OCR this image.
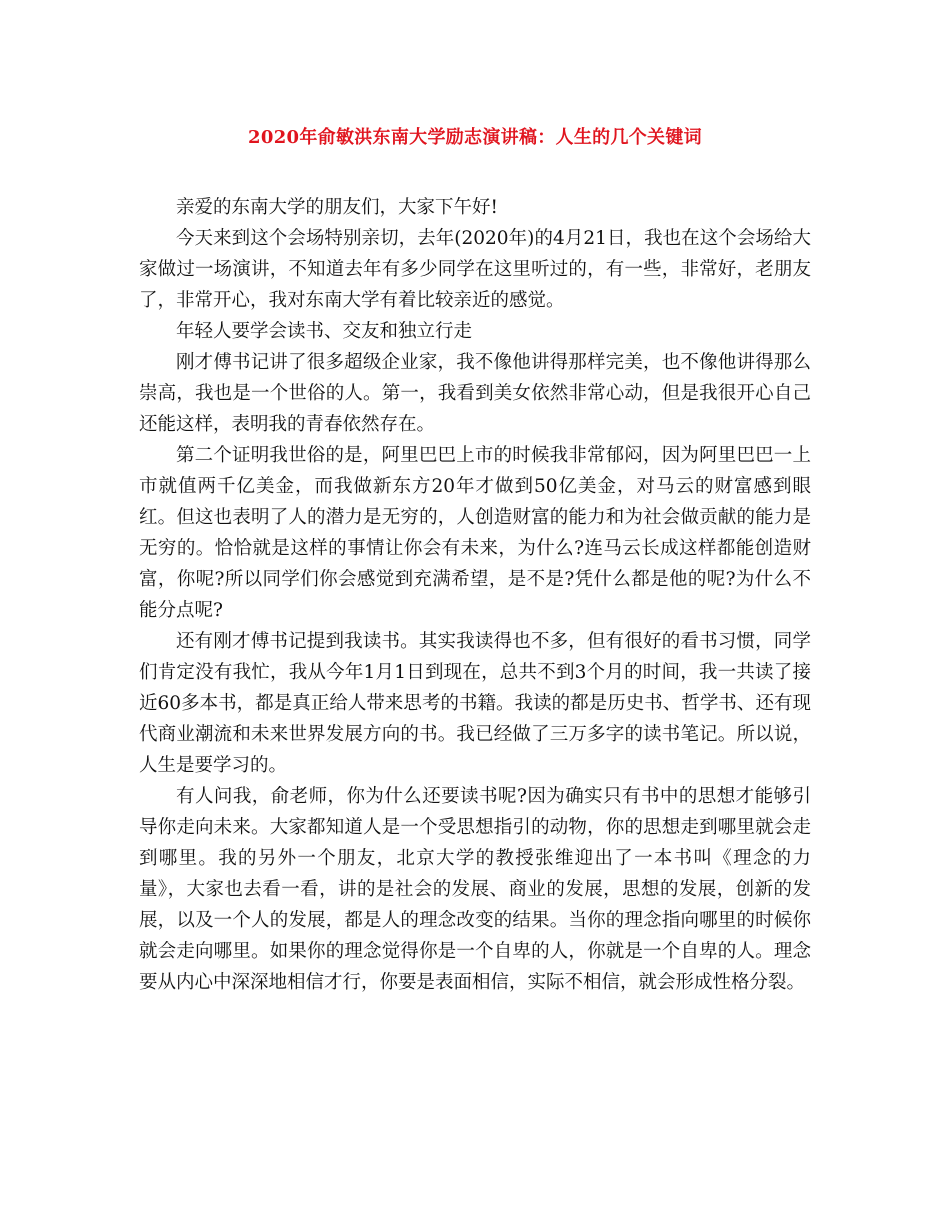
2020年俞敏洪东南大学励志演讲稿：人生的几个关键词

亲爱的东南大学的朋友们，大家下午好!

今天来到这个会场特别亲切，去年(2020年)的4月21日，我也在这个会场给大家做过一场演讲，不知道去年有多少同学在这里听过的，有一些，非常好，老朋友了，非常开心，我对东南大学有着比较亲近的感觉。

年轻人要学会读书、交友和独立行走

刚才傅书记讲了很多超级企业家，我不像他讲得那样完美，也不像他讲得那么崇高，我也是一个世俗的人。第一，我看到美女依然非常心动，但是我很开心自己还能这样，表明我的青春依然存在。

第二个证明我世俗的是，阿里巴巴上市的时候我非常郁闷，因为阿里巴巴一上市就值两千亿美金，而我做新东方20年才做到50亿美金，对马云的财富感到眼红。但这也表明了人的潜力是无穷的，人创造财富的能力和为社会做贡献的能力是无穷的。恰恰就是这样的事情让你会有未来，为什么?连马云长成这样都能创造财富，你呢?所以同学们你会感觉到充满希望，是不是?凭什么都是他的呢?为什么不能分点呢?

还有刚才傅书记提到我读书。其实我读得也不多，但有很好的看书习惯，同学们肯定没有我忙，我从今年1月1日到现在，总共不到3个月的时间，我一共读了接近60多本书，都是真正给人带来思考的书籍。我读的都是历史书、哲学书、还有现代商业潮流和未来世界发展方向的书。我已经做了三万多字的读书笔记。所以说，人生是要学习的。

有人问我，俞老师，你为什么还要读书呢?因为确实只有书中的思想才能够引导你走向未来。大家都知道人是一个受思想指引的动物，你的思想走到哪里就会走到哪里。我的另外一个朋友，北京大学的教授张维迎出了一本书叫《理念的力量》，大家也去看一看，讲的是社会的发展、商业的发展，思想的发展，创新的发展，以及一个人的发展，都是人的理念改变的结果。当你的理念指向哪里的时候你就会走向哪里。如果你的理念觉得你是一个自卑的人，你就是一个自卑的人。理念要从内心中深深地相信才行，你要是表面相信，实际不相信，就会形成性格分裂。
